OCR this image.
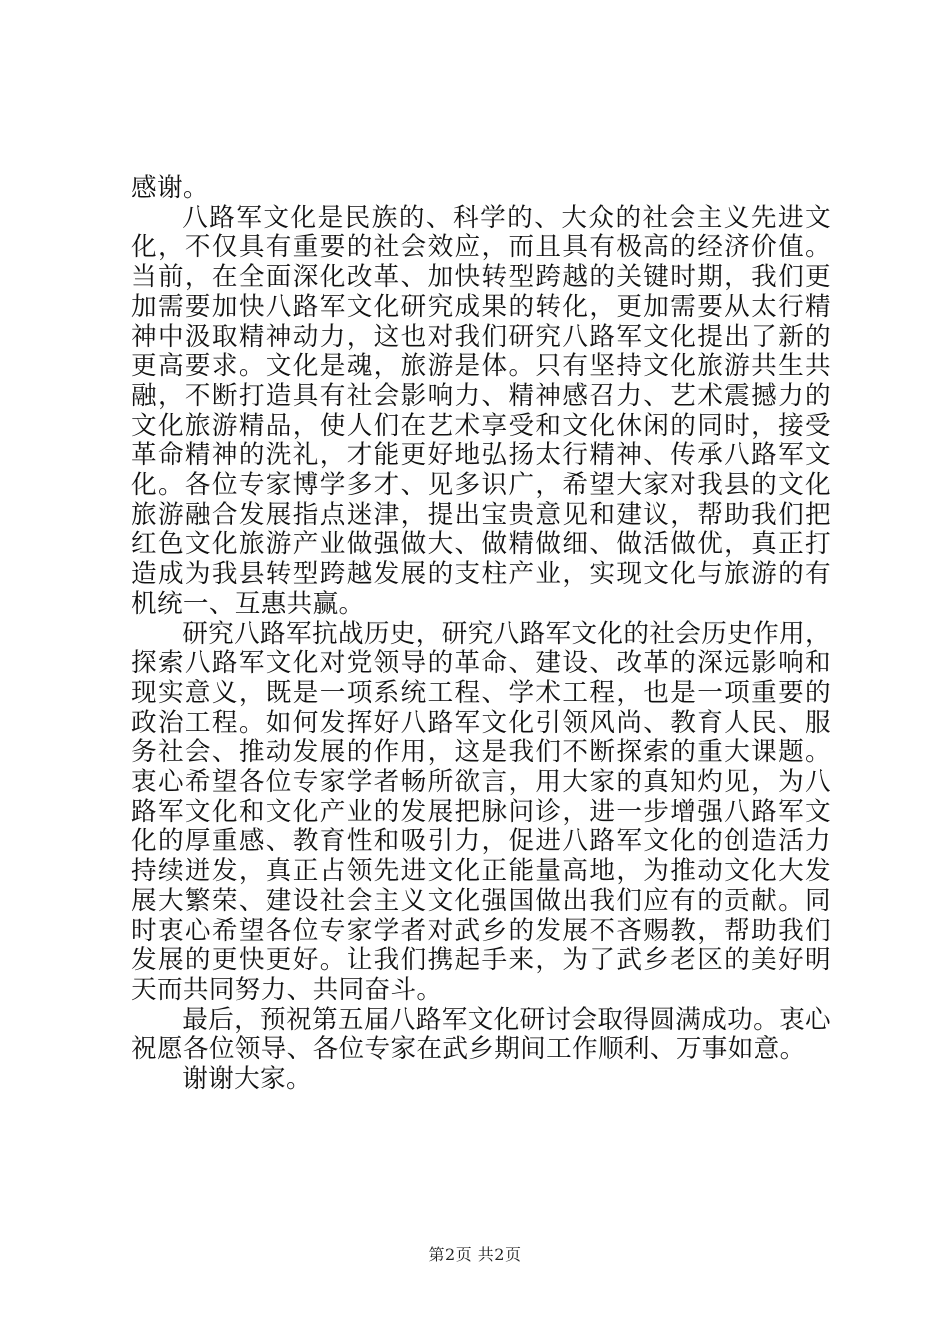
感谢。

八路军文化是民族的、科学的、大众的社会主义先进文化，不仅具有重要的社会效应，而且具有极高的经济价值。当前，在全面深化改革、加快转型跨越的关键时期，我们更加需要加快八路军文化研究成果的转化，更加需要从太行精神中汲取精神动力，这也对我们研究八路军文化提出了新的更高要求。文化是魂，旅游是体。只有坚持文化旅游共生共融，不断打造具有社会影响力、精神感召力、艺术震撼力的文化旅游精品，使人们在艺术享受和文化休闲的同时，接受革命精神的洗礼，才能更好地弘扬太行精神、传承八路军文化。各位专家博学多才、见多识广，希望大家对我县的文化旅游融合发展指点迷津，提出宝贵意见和建议，帮助我们把红色文化旅游产业做强做大、做精做细、做活做优，真正打造成为我县转型跨越发展的支柱产业，实现文化与旅游的有机统一、互惠共赢。

研究八路军抗战历史，研究八路军文化的社会历史作用，探索八路军文化对党领导的革命、建设、改革的深远影响和现实意义，既是一项系统工程、学术工程，也是一项重要的政治工程。如何发挥好八路军文化引领风尚、教育人民、服务社会、推动发展的作用，这是我们不断探索的重大课题。衷心希望各位专家学者畅所欲言，用大家的真知灼见，为八路军文化和文化产业的发展把脉问诊，进一步增强八路军文化的厚重感、教育性和吸引力，促进八路军文化的创造活力持续迸发，真正占领先进文化正能量高地，为推动文化大发展大繁荣、建设社会主义文化强国做出我们应有的贡献。同时衷心希望各位专家学者对武乡的发展不吝赐教，帮助我们发展的更快更好。让我们携起手来，为了武乡老区的美好明天而共同努力、共同奋斗。

最后，预祝第五届八路军文化研讨会取得圆满成功。衷心祝愿各位领导、各位专家在武乡期间工作顺利、万事如意。

谢谢大家。

第2页 共2页
